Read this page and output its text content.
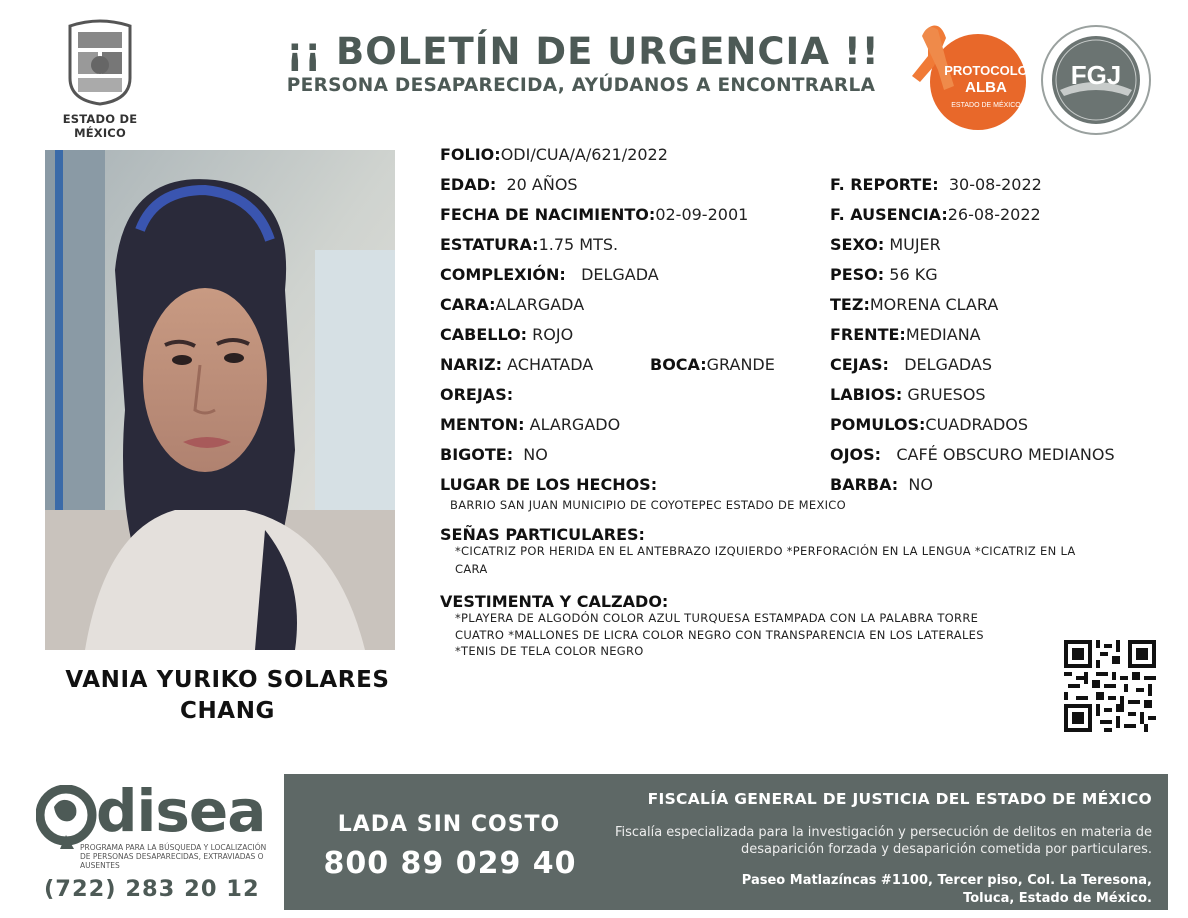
ESTADO DE MÉXICO
¡¡ BOLETÍN DE URGENCIA !!
PERSONA DESAPARECIDA, AYÚDANOS A ENCONTRARLA
PROTOCOLO
ALBA
ESTADO DE MÉXICO
FGJ
VANIA YURIKO SOLARES
CHANG
FOLIO:ODI/CUA/A/621/2022
EDAD: 20 AÑOS	F. REPORTE: 30-08-2022
FECHA DE NACIMIENTO:02-09-2001	F. AUSENCIA:26-08-2022
ESTATURA:1.75 MTS.	SEXO: MUJER
COMPLEXIÓN: DELGADA	PESO: 56 KG
CARA:ALARGADA	TEZ:MORENA CLARA
CABELLO: ROJO	FRENTE:MEDIANA
NARIZ: ACHATADA	BOCA:GRANDE	CEJAS: DELGADAS
OREJAS:	LABIOS: GRUESOS
MENTON: ALARGADO	POMULOS:CUADRADOS
BIGOTE: NO	OJOS: CAFÉ OBSCURO MEDIANOS
LUGAR DE LOS HECHOS:	BARBA: NO
BARRIO SAN JUAN MUNICIPIO DE COYOTEPEC ESTADO DE MEXICO
SEÑAS PARTICULARES:
*CICATRIZ POR HERIDA EN EL ANTEBRAZO IZQUIERDO *PERFORACIÓN EN LA LENGUA *CICATRIZ EN LA
CARA
VESTIMENTA Y CALZADO:
*PLAYERA DE ALGODÓN COLOR AZUL TURQUESA ESTAMPADA CON LA PALABRA TORRE
CUATRO *MALLONES DE LICRA COLOR NEGRO CON TRANSPARENCIA EN LOS LATERALES
*TENIS DE TELA COLOR NEGRO
disea
PROGRAMA PARA LA BÚSQUEDA Y LOCALIZACIÓN DE PERSONAS DESAPARECIDAS, EXTRAVIADAS O AUSENTES
(722) 283 20 12
LADA SIN COSTO
800 89 029 40
FISCALÍA GENERAL DE JUSTICIA DEL ESTADO DE MÉXICO
Fiscalía especializada para la investigación y persecución de delitos en materia de desaparición forzada y desaparición cometida por particulares.
Paseo Matlazíncas #1100, Tercer piso, Col. La Teresona,
Toluca, Estado de México.
